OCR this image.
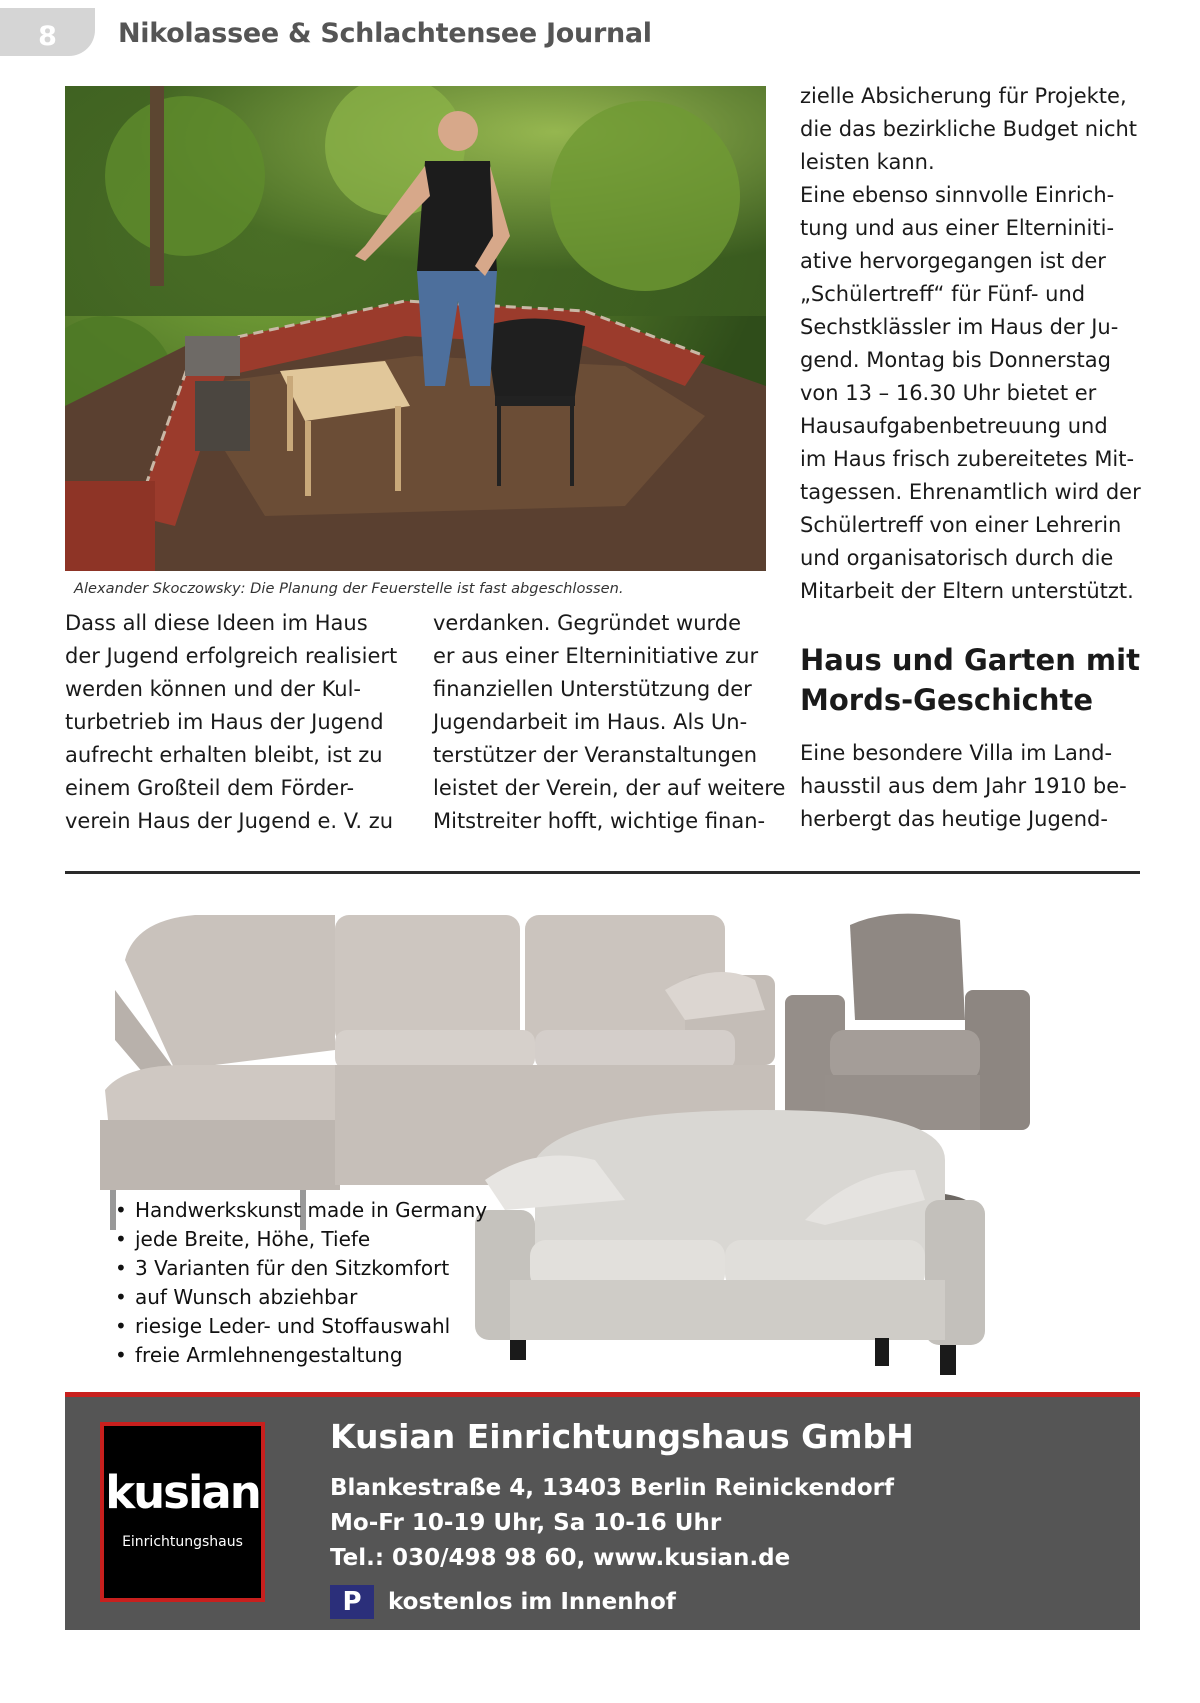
8	Nikolassee & Schlachtensee Journal
Alexander Skoczowsky: Die Planung der Feuerstelle ist fast abgeschlossen.

Dass all diese Ideen im Haus
der Jugend erfolgreich realisiert
werden können und der Kul-
turbetrieb im Haus der Jugend
aufrecht erhalten bleibt, ist zu
einem Großteil dem Förder-
verein Haus der Jugend e. V. zu

verdanken. Gegründet wurde
er aus einer Elterninitiative zur
finanziellen Unterstützung der
Jugendarbeit im Haus. Als Un-
terstützer der Veranstaltungen
leistet der Verein, der auf weitere
Mitstreiter hofft, wichtige finan-

zielle Absicherung für Projekte,
die das bezirkliche Budget nicht
leisten kann.
Eine ebenso sinnvolle Einrich-
tung und aus einer Elterniniti-
ative hervorgegangen ist der
„Schülertreff“ für Fünf- und
Sechstklässler im Haus der Ju-
gend. Montag bis Donnerstag
von 13 – 16.30 Uhr bietet er
Hausaufgabenbetreuung und
im Haus frisch zubereitetes Mit-
tagessen. Ehrenamtlich wird der
Schülertreff von einer Lehrerin
und organisatorisch durch die
Mitarbeit der Eltern unterstützt.

Haus und Garten mit
Mords-Geschichte

Eine besondere Villa im Land-
hausstil aus dem Jahr 1910 be-
herbergt das heutige Jugend-

• Handwerkskunst made in Germany
• jede Breite, Höhe, Tiefe
• 3 Varianten für den Sitzkomfort
• auf Wunsch abziehbar
• riesige Leder- und Stoffauswahl
• freie Armlehnengestaltung
kusian
Einrichtungshaus
Kusian Einrichtungshaus GmbH
Blankestraße 4, 13403 Berlin Reinickendorf
Mo-Fr 10-19 Uhr, Sa 10-16 Uhr
Tel.: 030/498 98 60, www.kusian.de
P	kostenlos im Innenhof
